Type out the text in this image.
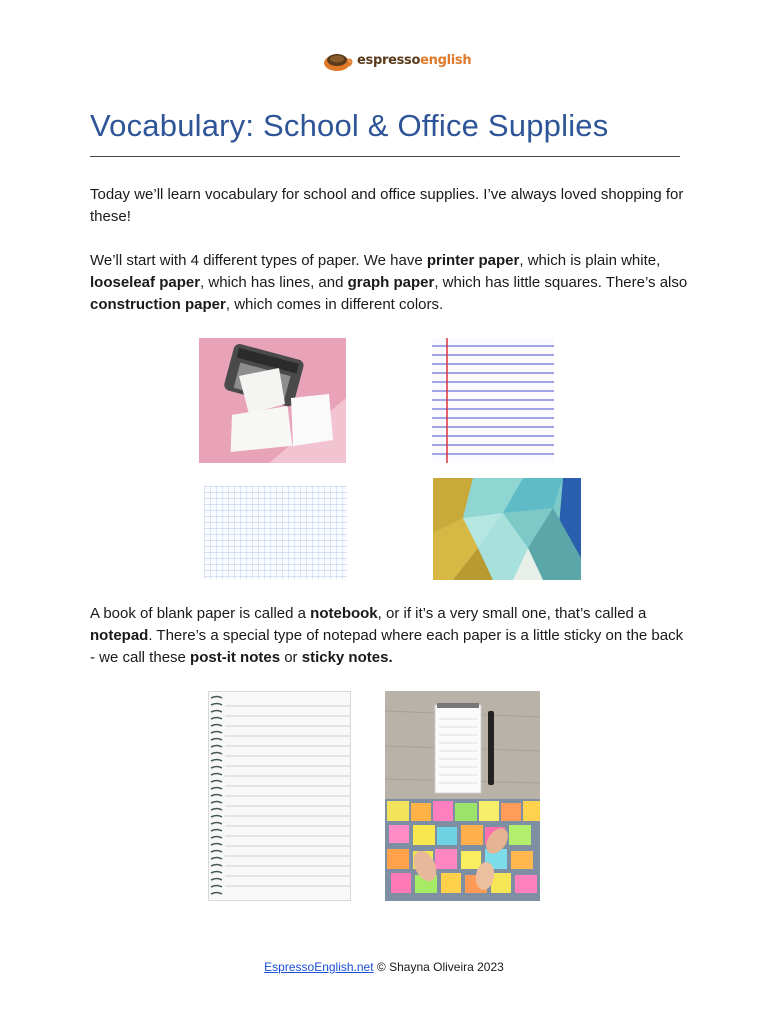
espressoenglish
Vocabulary: School & Office Supplies

Today we’ll learn vocabulary for school and office supplies. I’ve always loved shopping for these!

We’ll start with 4 different types of paper. We have printer paper, which is plain white, looseleaf paper, which has lines, and graph paper, which has little squares. There’s also construction paper, which comes in different colors.

A book of blank paper is called a notebook, or if it’s a very small one, that’s called a notepad. There’s a special type of notepad where each paper is a little sticky on the back - we call these post-it notes or sticky notes.

EspressoEnglish.net © Shayna Oliveira 2023
